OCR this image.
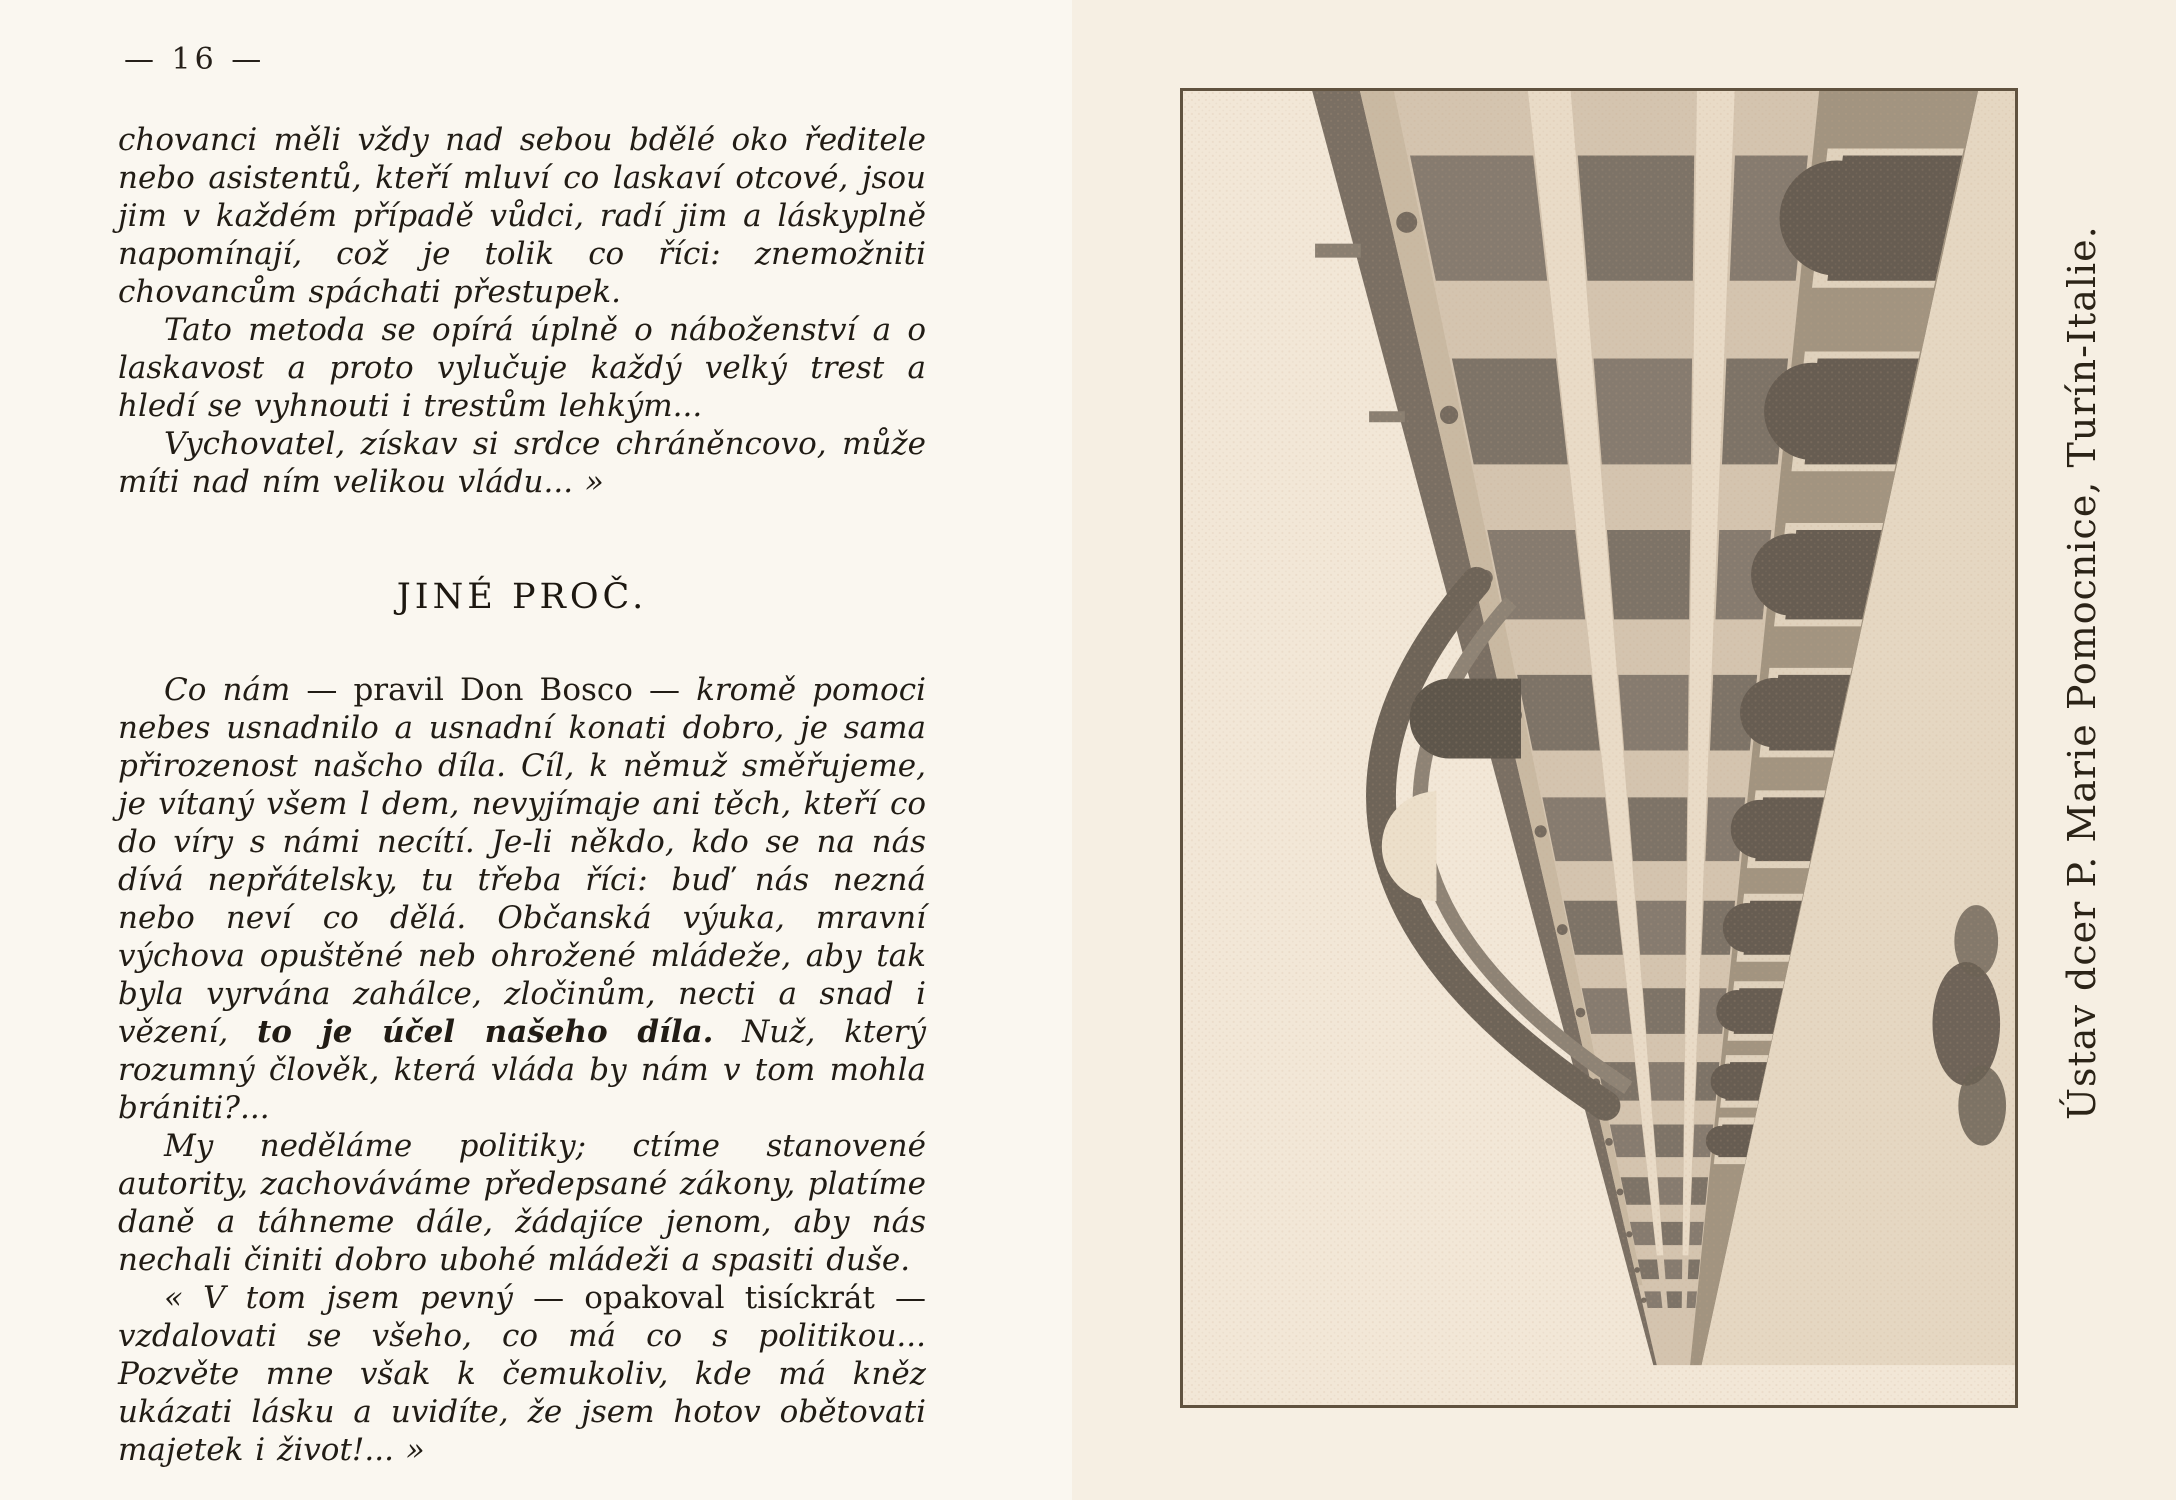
— 16 —

chovanci měli vždy nad sebou bdělé oko ředitele nebo asistentů, kteří mluví co laskaví otcové, jsou jim v každém případě vůdci, radí jim a láskyplně napomínají, což je tolik co říci: znemožniti chovancům spáchati přestupek.

Tato metoda se opírá úplně o náboženství a o laskavost a proto vylučuje každý velký trest a hledí se vyhnouti i trestům lehkým...

Vychovatel, získav si srdce chráněncovo, může míti nad ním velikou vládu... »

JINÉ PROČ.

Co nám — pravil Don Bosco — kromě pomoci nebes usnadnilo a usnadní konati dobro, je sama přirozenost našcho díla. Cíl, k němuž směřujeme, je vítaný všem l dem, nevyjímaje ani těch, kteří co do víry s námi necítí. Je-li někdo, kdo se na nás dívá nepřátelsky, tu třeba říci: buď nás nezná nebo neví co dělá. Občanská výuka, mravní výchova opuštěné neb ohrožené mládeže, aby tak byla vyrvána zahálce, zločinům, necti a snad i vězení, to je účel našeho díla. Nuž, který rozumný člověk, která vláda by nám v tom mohla brániti?...

My neděláme politiky; ctíme stanovené autority, zachováváme předepsané zákony, platíme daně a táhneme dále, žádajíce jenom, aby nás nechali činiti dobro ubohé mládeži a spasiti duše.

« V tom jsem pevný — opakoval tisíckrát — vzdalovati se všeho, co má co s politikou... Pozvěte mne však k čemukoliv, kde má kněz ukázati lásku a uvidíte, že jsem hotov obětovati majetek i život!... »

Ústav dcer P. Marie Pomocnice, Turín-Italie.
